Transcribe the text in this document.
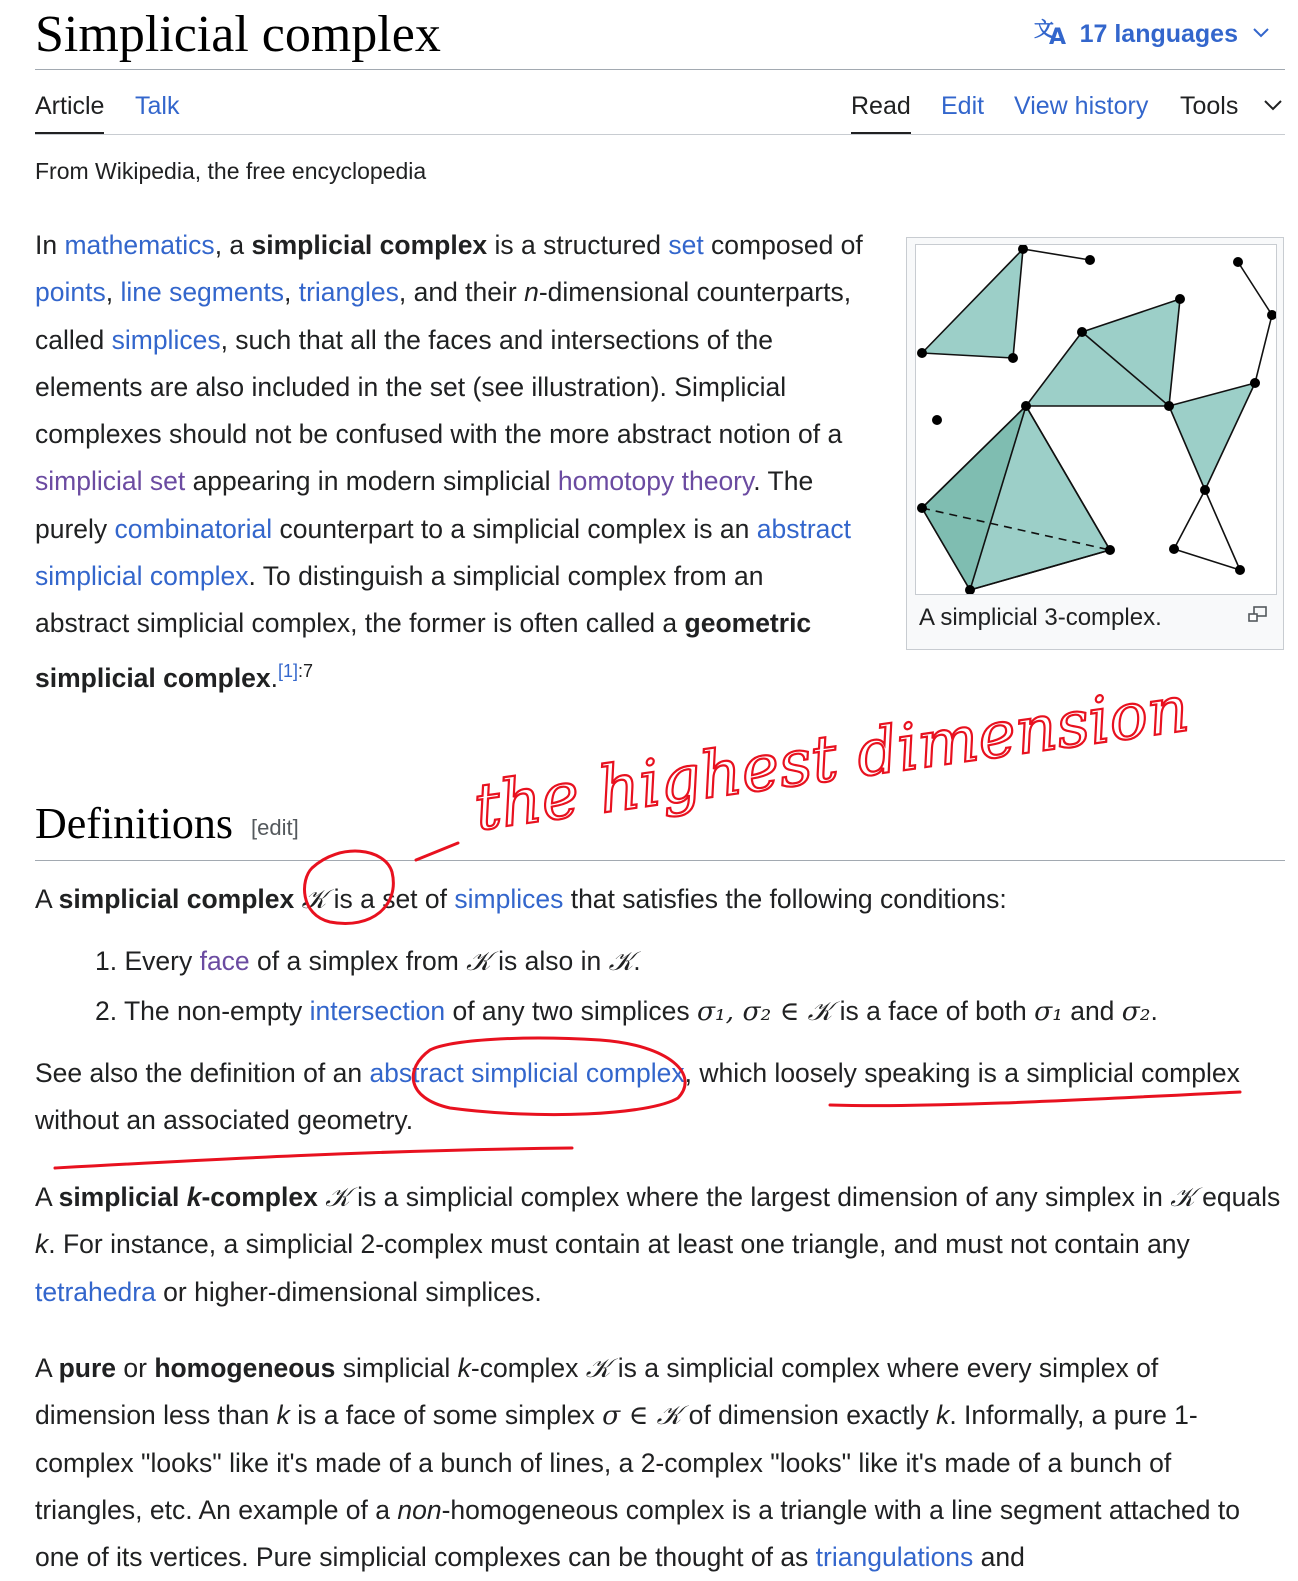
Simplicial complex	文
A 17 languages
Article Talk	Read Edit View history Tools
From Wikipedia, the free encyclopedia
In mathematics, a simplicial complex is a structured set composed of points, line segments, triangles, and their n-dimensional counterparts, called simplices, such that all the faces and intersections of the elements are also included in the set (see illustration). Simplicial complexes should not be confused with the more abstract notion of a simplicial set appearing in modern simplicial homotopy theory. The purely combinatorial counterpart to a simplicial complex is an abstract simplicial complex. To distinguish a simplicial complex from an abstract simplicial complex, the former is often called a geometric simplicial complex.$^{[1]:7}$
A simplicial 3-complex.
Definitions [edit]
A simplicial complex 𝒦 is a set of simplices that satisfies the following conditions:
1. Every face of a simplex from 𝒦 is also in 𝒦.
2. The non-empty intersection of any two simplices σ₁, σ₂ ∈ 𝒦 is a face of both σ₁ and σ₂.
See also the definition of an abstract simplicial complex, which loosely speaking is a simplicial complex without an associated geometry.
A simplicial k-complex 𝒦 is a simplicial complex where the largest dimension of any simplex in 𝒦 equals k. For instance, a simplicial 2-complex must contain at least one triangle, and must not contain any tetrahedra or higher-dimensional simplices.
A pure or homogeneous simplicial k-complex 𝒦 is a simplicial complex where every simplex of dimension less than k is a face of some simplex σ ∈ 𝒦 of dimension exactly k. Informally, a pure 1-complex "looks" like it's made of a bunch of lines, a 2-complex "looks" like it's made of a bunch of triangles, etc. An example of a non-homogeneous complex is a triangle with a line segment attached to one of its vertices. Pure simplicial complexes can be thought of as triangulations and
the highest dimension
